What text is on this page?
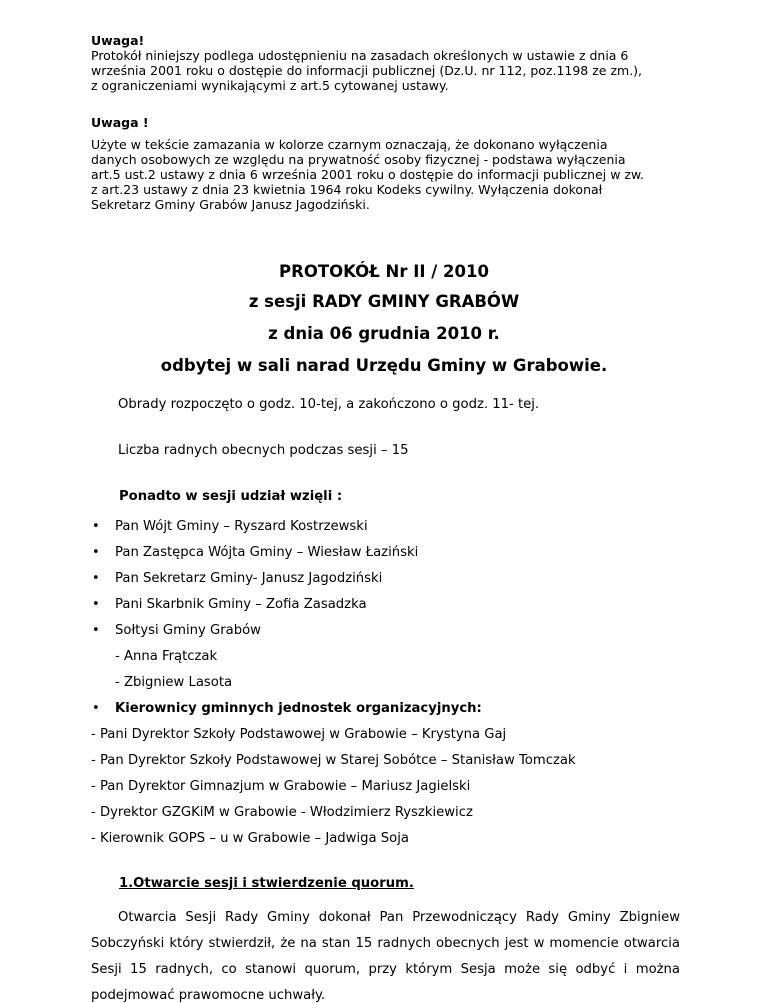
Uwaga!
Protokół niniejszy podlega udostępnieniu na zasadach określonych w ustawie z dnia 6
września 2001 roku o dostępie do informacji publicznej (Dz.U. nr 112, poz.1198 ze zm.),
z ograniczeniami wynikającymi z art.5 cytowanej ustawy.
Uwaga !
Użyte w tekście zamazania w kolorze czarnym oznaczają, że dokonano wyłączenia
danych osobowych ze względu na prywatność osoby fizycznej - podstawa wyłączenia
art.5 ust.2 ustawy z dnia 6 września 2001 roku o dostępie do informacji publicznej w zw.
z art.23 ustawy z dnia 23 kwietnia 1964 roku Kodeks cywilny. Wyłączenia dokonał
Sekretarz Gminy Grabów Janusz Jagodziński.
PROTOKÓŁ Nr II / 2010
z sesji RADY GMINY GRABÓW
z dnia 06 grudnia 2010 r.
odbytej w sali narad Urzędu Gminy w Grabowie.
Obrady rozpoczęto o godz. 10-tej, a zakończono o godz. 11- tej.
Liczba radnych obecnych podczas sesji – 15
Ponadto w sesji udział wzięli :
• Pan Wójt Gminy – Ryszard Kostrzewski
• Pan Zastępca Wójta Gminy – Wiesław Łaziński
• Pan Sekretarz Gminy- Janusz Jagodziński
• Pani Skarbnik Gminy – Zofia Zasadzka
• Sołtysi Gminy Grabów
- Anna Frątczak
- Zbigniew Lasota
• Kierownicy gminnych jednostek organizacyjnych:
- Pani Dyrektor Szkoły Podstawowej w Grabowie – Krystyna Gaj
- Pan Dyrektor Szkoły Podstawowej w Starej Sobótce – Stanisław Tomczak
- Pan Dyrektor Gimnazjum w Grabowie – Mariusz Jagielski
- Dyrektor GZGKiM w Grabowie - Włodzimierz Ryszkiewicz
- Kierownik GOPS – u w Grabowie – Jadwiga Soja
1.Otwarcie sesji i stwierdzenie quorum.
Otwarcia Sesji Rady Gminy dokonał Pan Przewodniczący Rady Gminy Zbigniew
Sobczyński który stwierdził, że na stan 15 radnych obecnych jest w momencie otwarcia
Sesji 15 radnych, co stanowi quorum, przy którym Sesja może się odbyć i można
podejmować prawomocne uchwały.
